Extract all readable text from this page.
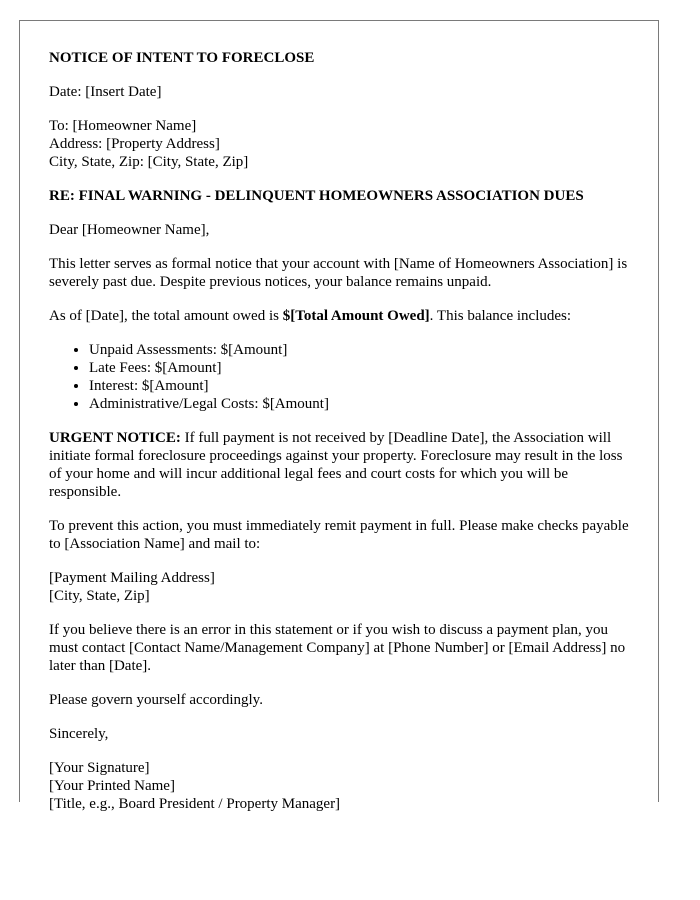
NOTICE OF INTENT TO FORECLOSE

Date: [Insert Date]

To: [Homeowner Name]
Address: [Property Address]
City, State, Zip: [City, State, Zip]

RE: FINAL WARNING - DELINQUENT HOMEOWNERS ASSOCIATION DUES

Dear [Homeowner Name],

This letter serves as formal notice that your account with [Name of Homeowners Association] is severely past due. Despite previous notices, your balance remains unpaid.

As of [Date], the total amount owed is $[Total Amount Owed]. This balance includes:

• Unpaid Assessments: $[Amount]
• Late Fees: $[Amount]
• Interest: $[Amount]
• Administrative/Legal Costs: $[Amount]

URGENT NOTICE: If full payment is not received by [Deadline Date], the Association will initiate formal foreclosure proceedings against your property. Foreclosure may result in the loss of your home and will incur additional legal fees and court costs for which you will be responsible.

To prevent this action, you must immediately remit payment in full. Please make checks payable to [Association Name] and mail to:

[Payment Mailing Address]
[City, State, Zip]

If you believe there is an error in this statement or if you wish to discuss a payment plan, you must contact [Contact Name/Management Company] at [Phone Number] or [Email Address] no later than [Date].

Please govern yourself accordingly.

Sincerely,

[Your Signature]
[Your Printed Name]
[Title, e.g., Board President / Property Manager]
